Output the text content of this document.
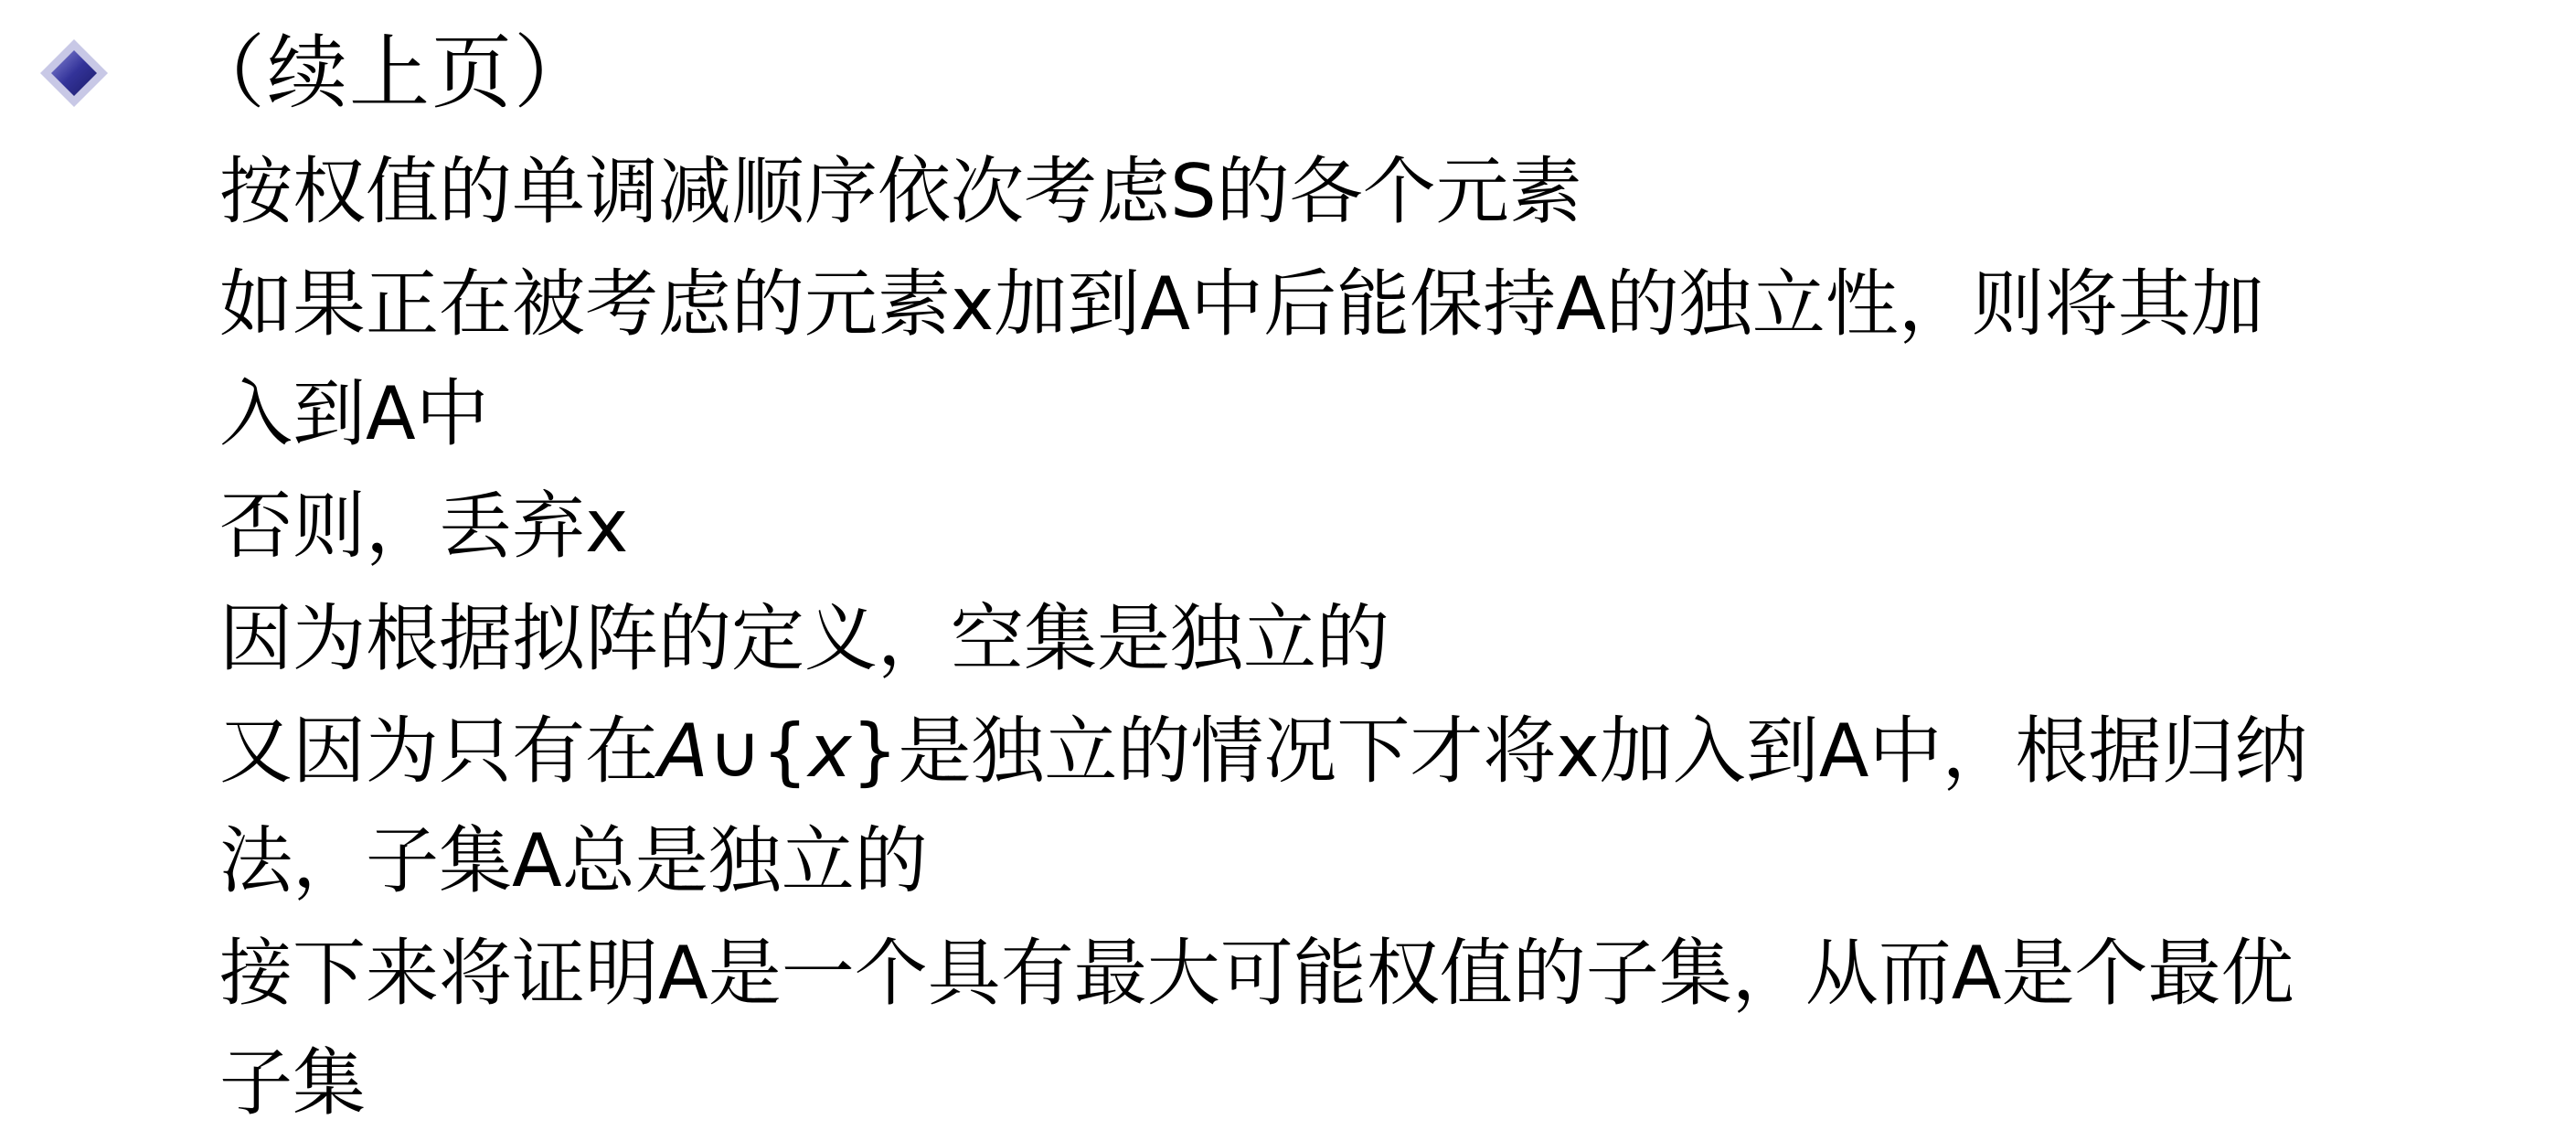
（续上页）

按权值的单调减顺序依次考虑S的各个元素

如果正在被考虑的元素x加到A中后能保持A的独立性，则将其加
入到A中

否则，丢弃x

因为根据拟阵的定义，空集是独立的

又因为只有在A∪{x}是独立的情况下才将x加入到A中，根据归纳
法，子集A总是独立的

接下来将证明A是一个具有最大可能权值的子集，从而A是个最优
子集
